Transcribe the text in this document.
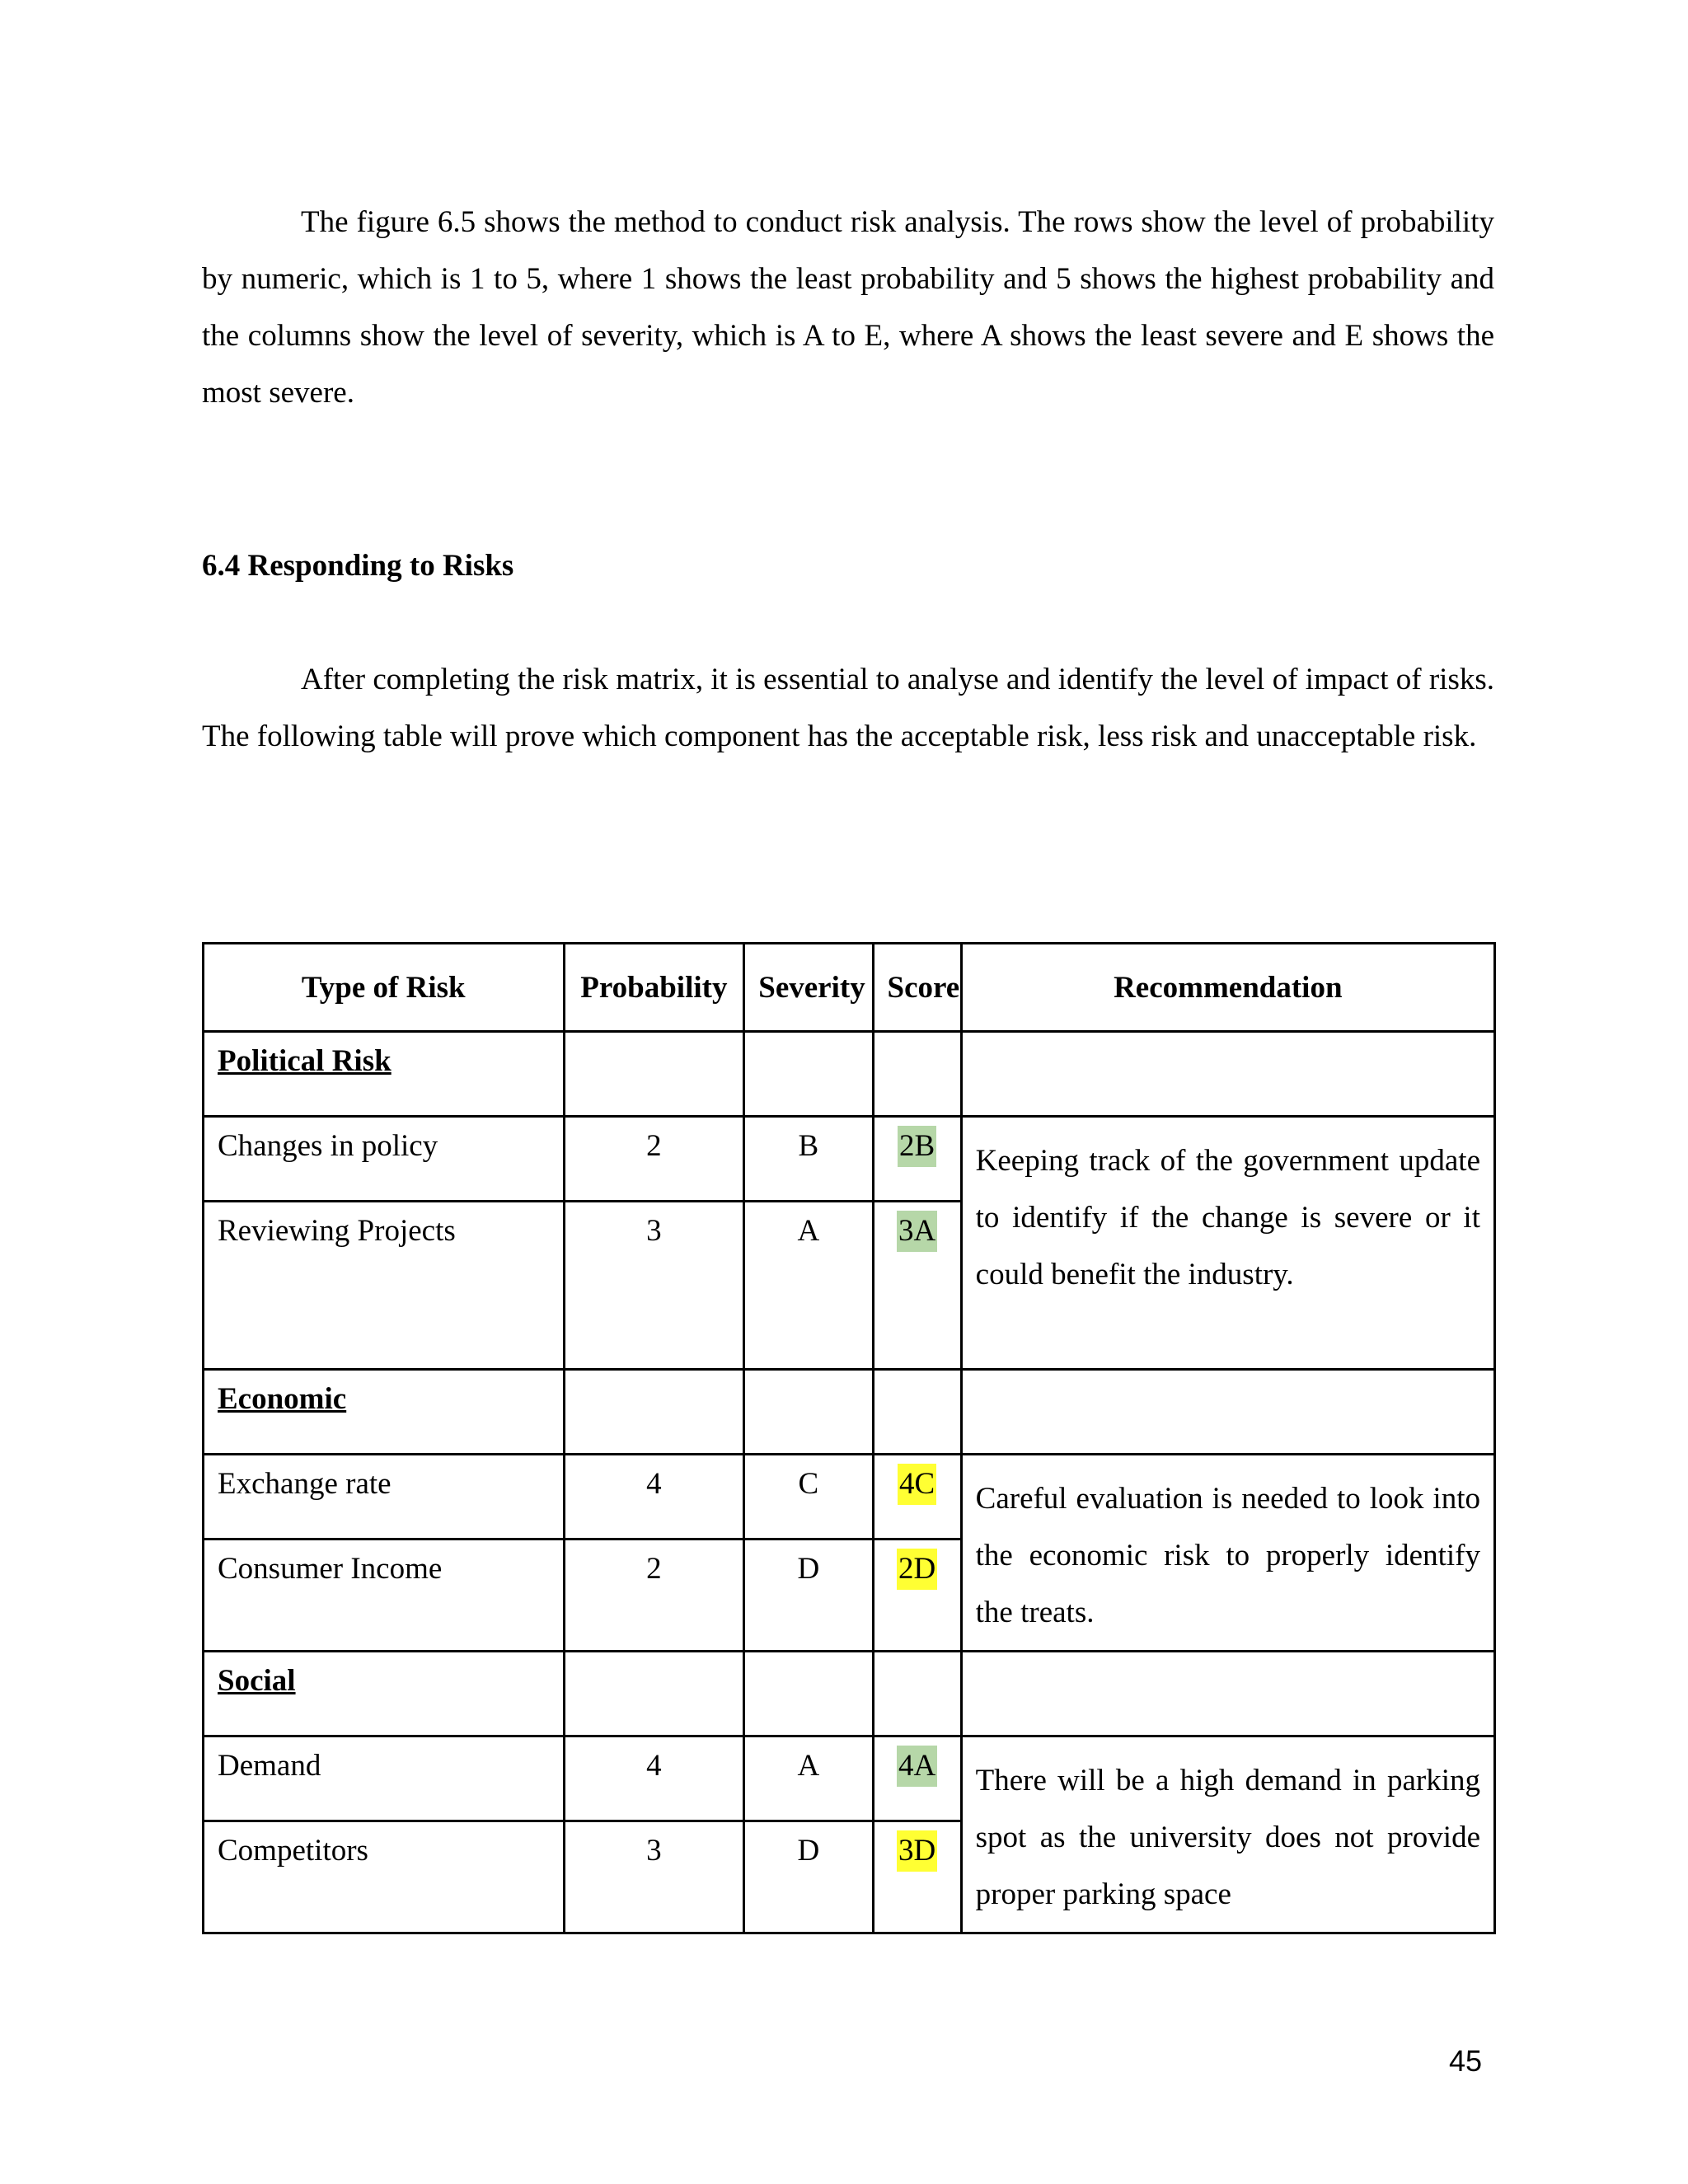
The figure 6.5 shows the method to conduct risk analysis. The rows show the level of probability by numeric, which is 1 to 5, where 1 shows the least probability and 5 shows the highest probability and the columns show the level of severity, which is A to E, where A shows the least severe and E shows the most severe.

6.4 Responding to Risks

After completing the risk matrix, it is essential to analyse and identify the level of impact of risks. The following table will prove which component has the acceptable risk, less risk and unacceptable risk.

Type of Risk	Probability	Severity	Score	Recommendation
Political Risk				
Changes in policy	2	B	2B	Keeping track of the government update to identify if the change is severe or it could benefit the industry.
Reviewing Projects	3	A	3A	
Economic				
Exchange rate	4	C	4C	Careful evaluation is needed to look into the economic risk to properly identify the treats.
Consumer Income	2	D	2D	
Social				
Demand	4	A	4A	There will be a high demand in parking spot as the university does not provide proper parking space
Competitors	3	D	3D	

45
